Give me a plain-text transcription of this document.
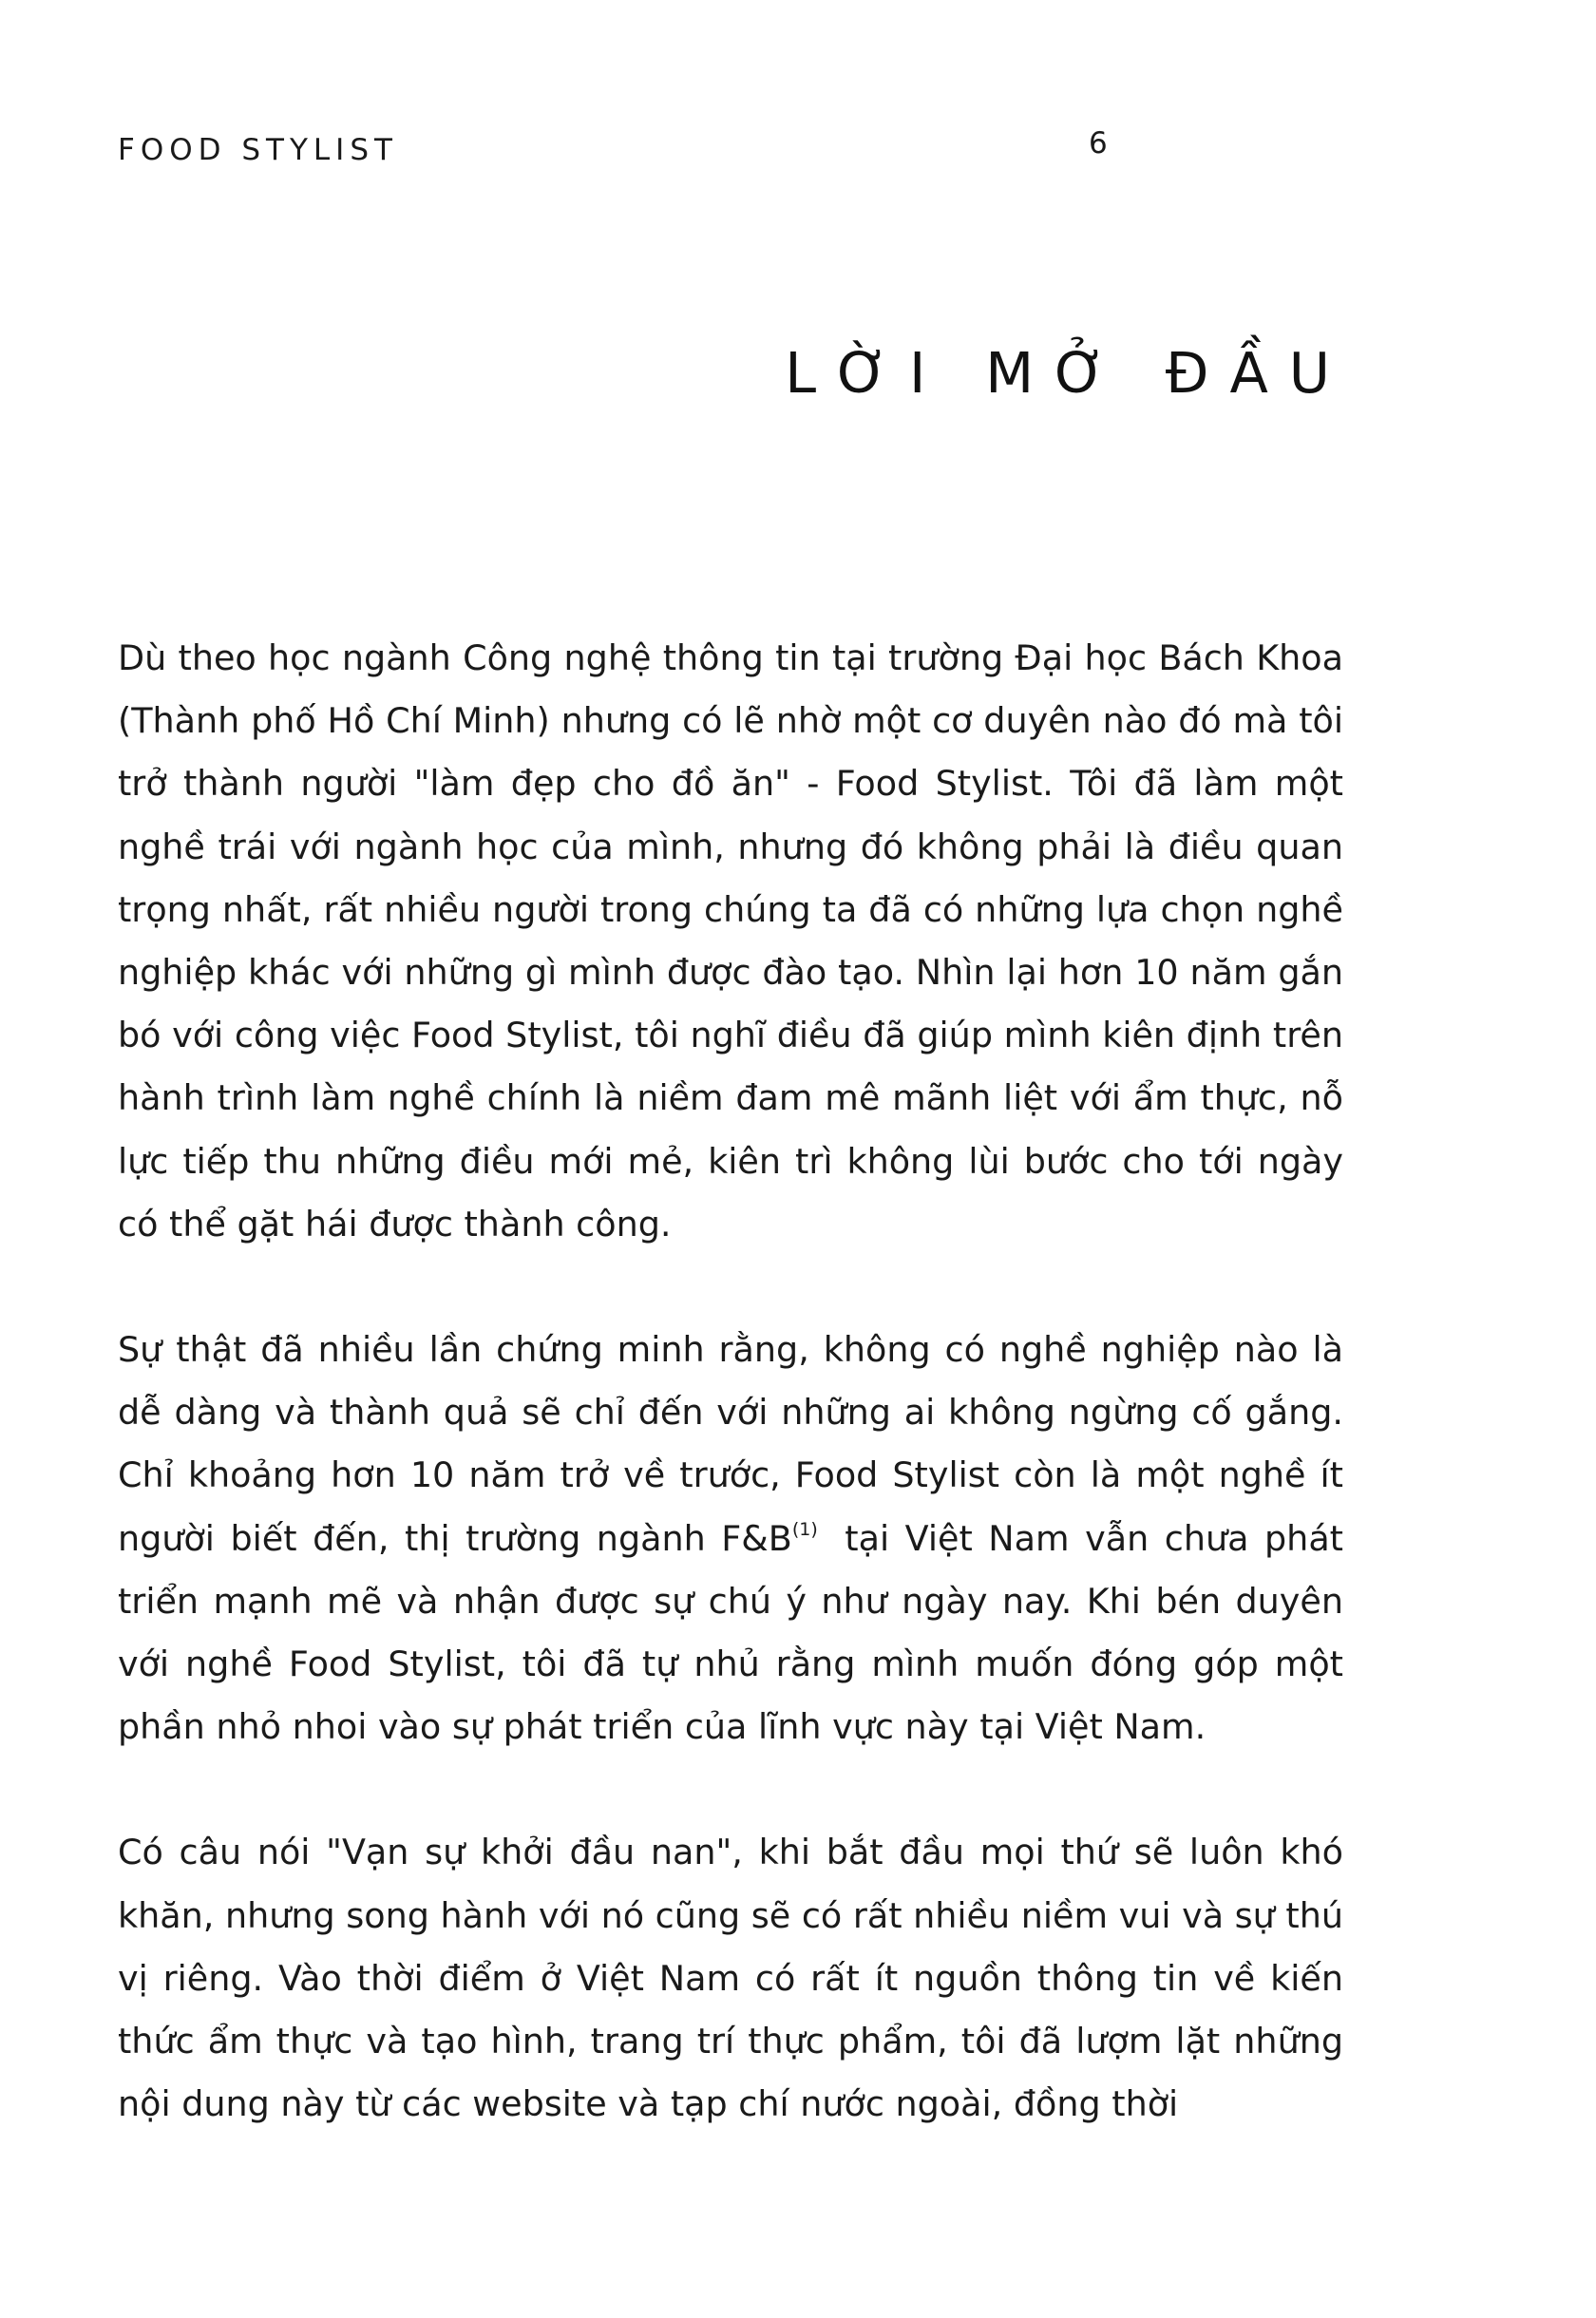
FOOD STYLIST	6
LỜI MỞ ĐẦU

Dù theo học ngành Công nghệ thông tin tại trường Đại học Bách Khoa (Thành phố Hồ Chí Minh) nhưng có lẽ nhờ một cơ duyên nào đó mà tôi trở thành người "làm đẹp cho đồ ăn" - Food Stylist. Tôi đã làm một nghề trái với ngành học của mình, nhưng đó không phải là điều quan trọng nhất, rất nhiều người trong chúng ta đã có những lựa chọn nghề nghiệp khác với những gì mình được đào tạo. Nhìn lại hơn 10 năm gắn bó với công việc Food Stylist, tôi nghĩ điều đã giúp mình kiên định trên hành trình làm nghề chính là niềm đam mê mãnh liệt với ẩm thực, nỗ lực tiếp thu những điều mới mẻ, kiên trì không lùi bước cho tới ngày có thể gặt hái được thành công.

Sự thật đã nhiều lần chứng minh rằng, không có nghề nghiệp nào là dễ dàng và thành quả sẽ chỉ đến với những ai không ngừng cố gắng. Chỉ khoảng hơn 10 năm trở về trước, Food Stylist còn là một nghề ít người biết đến, thị trường ngành F&B$^{(1)}$ tại Việt Nam vẫn chưa phát triển mạnh mẽ và nhận được sự chú ý như ngày nay. Khi bén duyên với nghề Food Stylist, tôi đã tự nhủ rằng mình muốn đóng góp một phần nhỏ nhoi vào sự phát triển của lĩnh vực này tại Việt Nam.

Có câu nói "Vạn sự khởi đầu nan", khi bắt đầu mọi thứ sẽ luôn khó khăn, nhưng song hành với nó cũng sẽ có rất nhiều niềm vui và sự thú vị riêng. Vào thời điểm ở Việt Nam có rất ít nguồn thông tin về kiến thức ẩm thực và tạo hình, trang trí thực phẩm, tôi đã lượm lặt những nội dung này từ các website và tạp chí nước ngoài, đồng thời
